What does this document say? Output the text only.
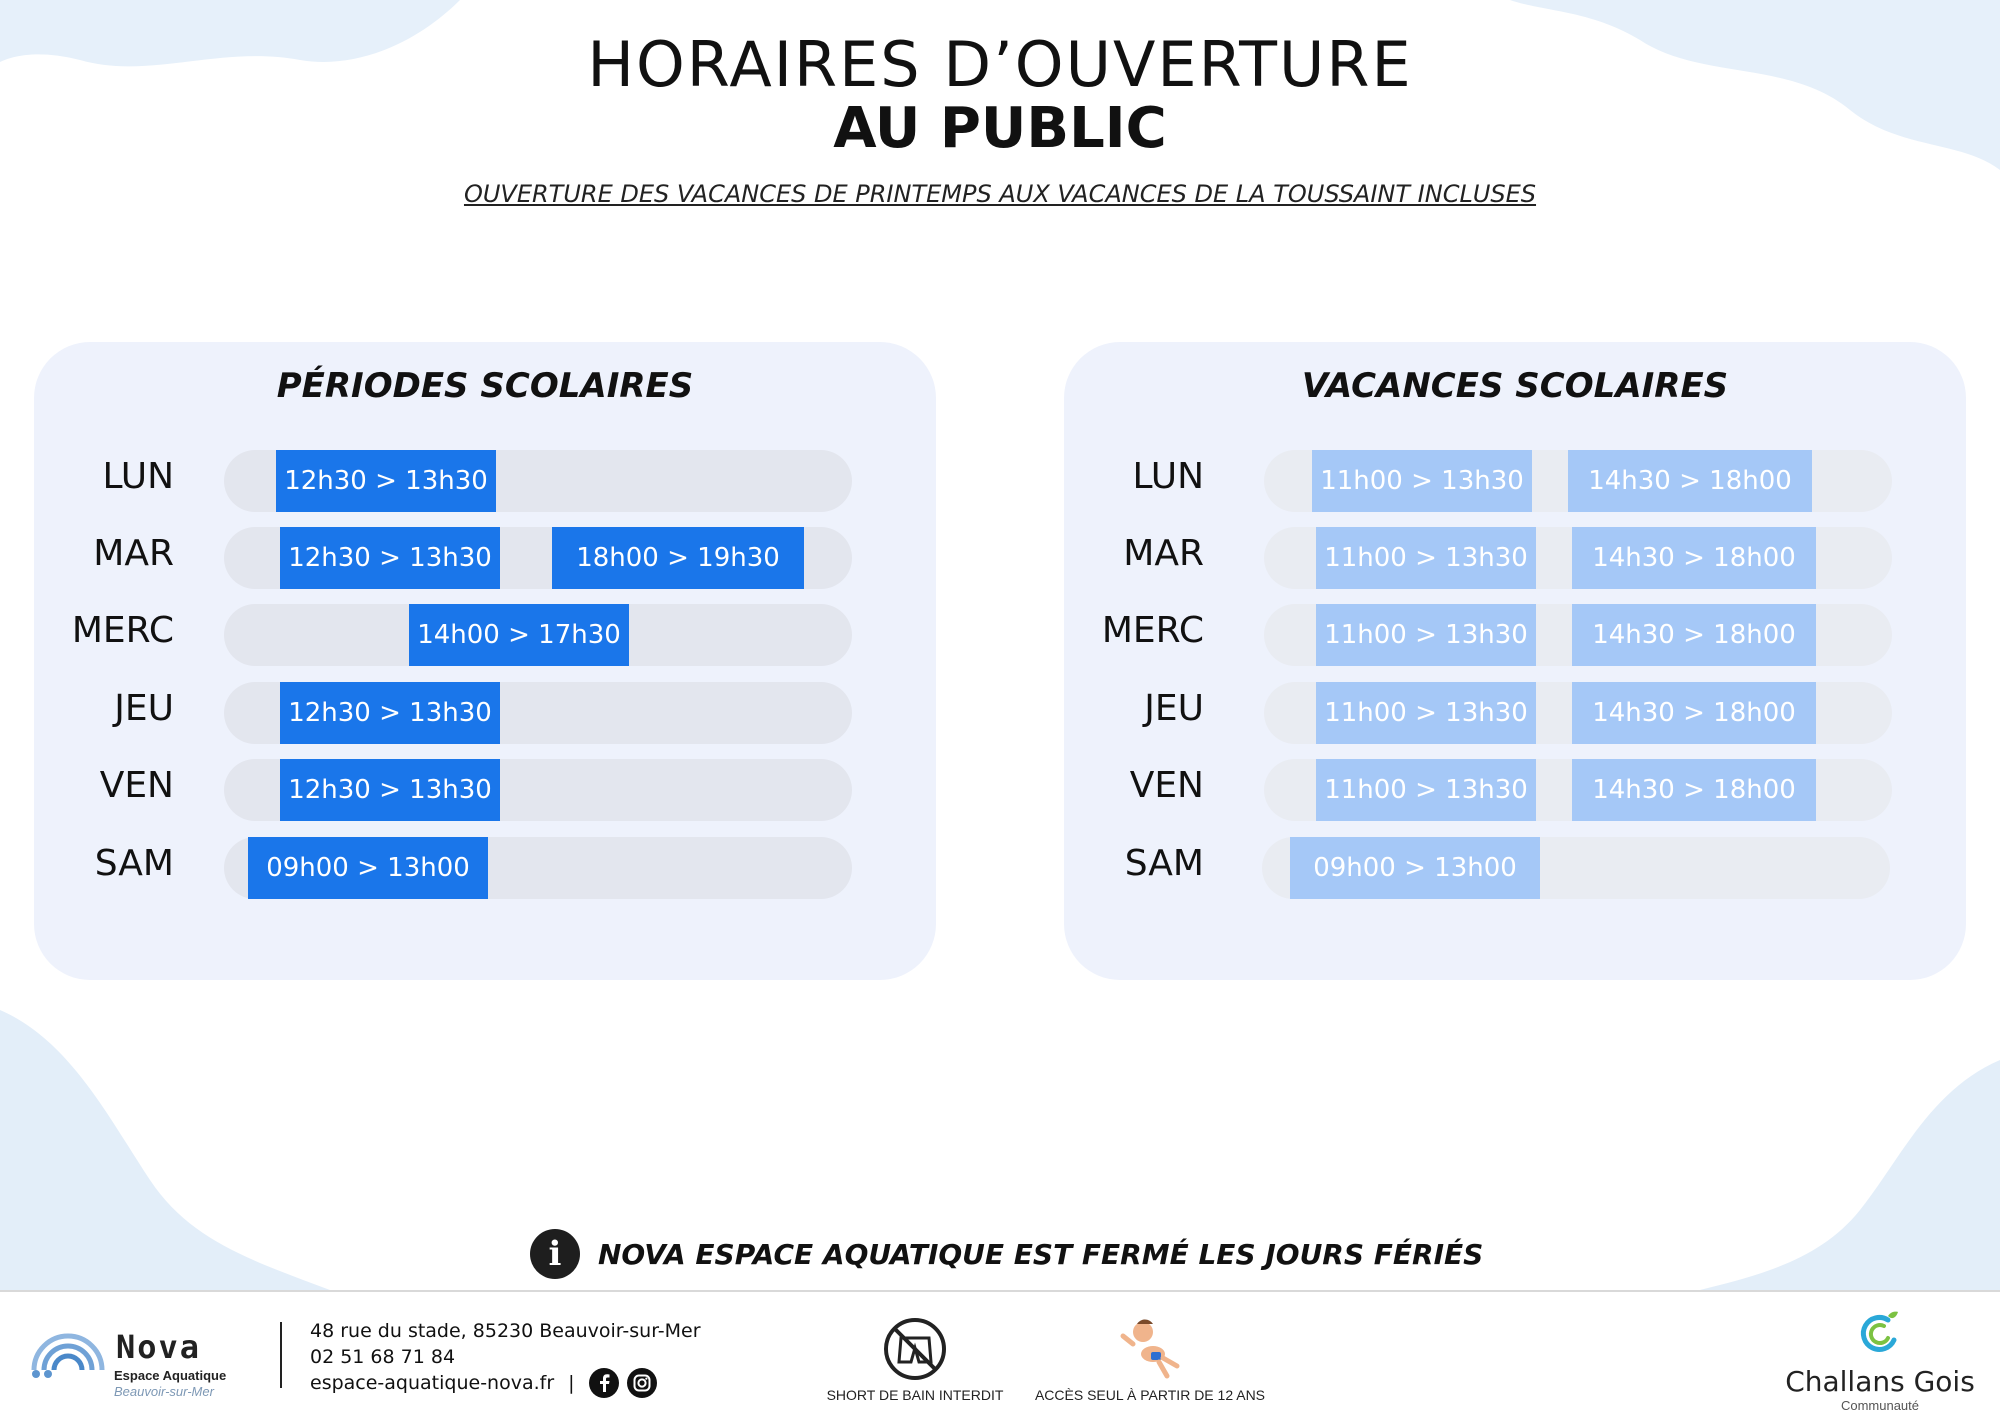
HORAIRES D’OUVERTURE
AU PUBLIC
OUVERTURE DES VACANCES DE PRINTEMPS AUX VACANCES DE LA TOUSSAINT INCLUSES
PÉRIODES SCOLAIRES
LUN	12h30 > 13h30
MAR	12h30 > 13h30	18h00 > 19h30
MERC	14h00 > 17h30
JEU	12h30 > 13h30
VEN	12h30 > 13h30
SAM	09h00 > 13h00
VACANCES SCOLAIRES
LUN	11h00 > 13h30	14h30 > 18h00
MAR	11h00 > 13h30	14h30 > 18h00
MERC	11h00 > 13h30	14h30 > 18h00
JEU	11h00 > 13h30	14h30 > 18h00
VEN	11h00 > 13h30	14h30 > 18h00
SAM	09h00 > 13h00
i	NOVA ESPACE AQUATIQUE EST FERMÉ LES JOURS FÉRIÉS
Nova
Espace Aquatique
Beauvoir-sur-Mer
48 rue du stade, 85230 Beauvoir-sur-Mer
02 51 68 71 84
espace-aquatique-nova.fr |
SHORT DE BAIN INTERDIT	ACCÈS SEUL À PARTIR DE 12 ANS	Challans Gois
Communauté
